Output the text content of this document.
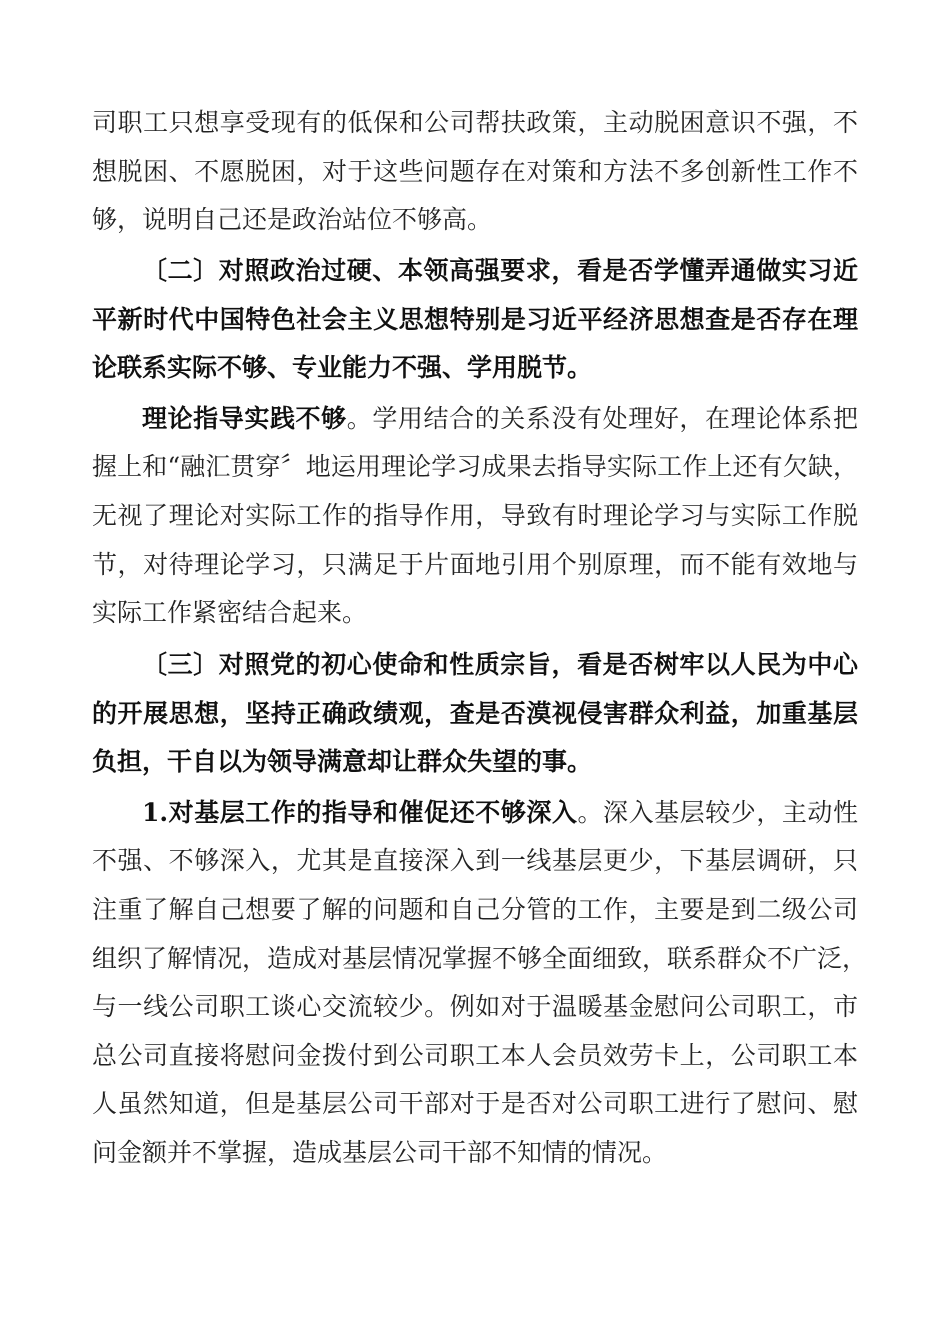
司职工只想享受现有的低保和公司帮扶政策，主动脱困意识不强，不
想脱困、不愿脱困，对于这些问题存在对策和方法不多创新性工作不
够，说明自己还是政治站位不够高。
〔二〕对照政治过硬、本领高强要求，看是否学懂弄通做实习近
平新时代中国特色社会主义思想特别是习近平经济思想查是否存在理
论联系实际不够、专业能力不强、学用脱节。
理论指导实践不够。学用结合的关系没有处理好，在理论体系把
握上和“融汇贯穿〞地运用理论学习成果去指导实际工作上还有欠缺，
无视了理论对实际工作的指导作用，导致有时理论学习与实际工作脱
节，对待理论学习，只满足于片面地引用个别原理，而不能有效地与
实际工作紧密结合起来。
〔三〕对照党的初心使命和性质宗旨，看是否树牢以人民为中心
的开展思想，坚持正确政绩观，查是否漠视侵害群众利益，加重基层
负担，干自以为领导满意却让群众失望的事。
1.对基层工作的指导和催促还不够深入。深入基层较少，主动性
不强、不够深入，尤其是直接深入到一线基层更少，下基层调研，只
注重了解自己想要了解的问题和自己分管的工作，主要是到二级公司
组织了解情况，造成对基层情况掌握不够全面细致，联系群众不广泛，
与一线公司职工谈心交流较少。例如对于温暖基金慰问公司职工，市
总公司直接将慰问金拨付到公司职工本人会员效劳卡上，公司职工本
人虽然知道，但是基层公司干部对于是否对公司职工进行了慰问、慰
问金额并不掌握，造成基层公司干部不知情的情况。
